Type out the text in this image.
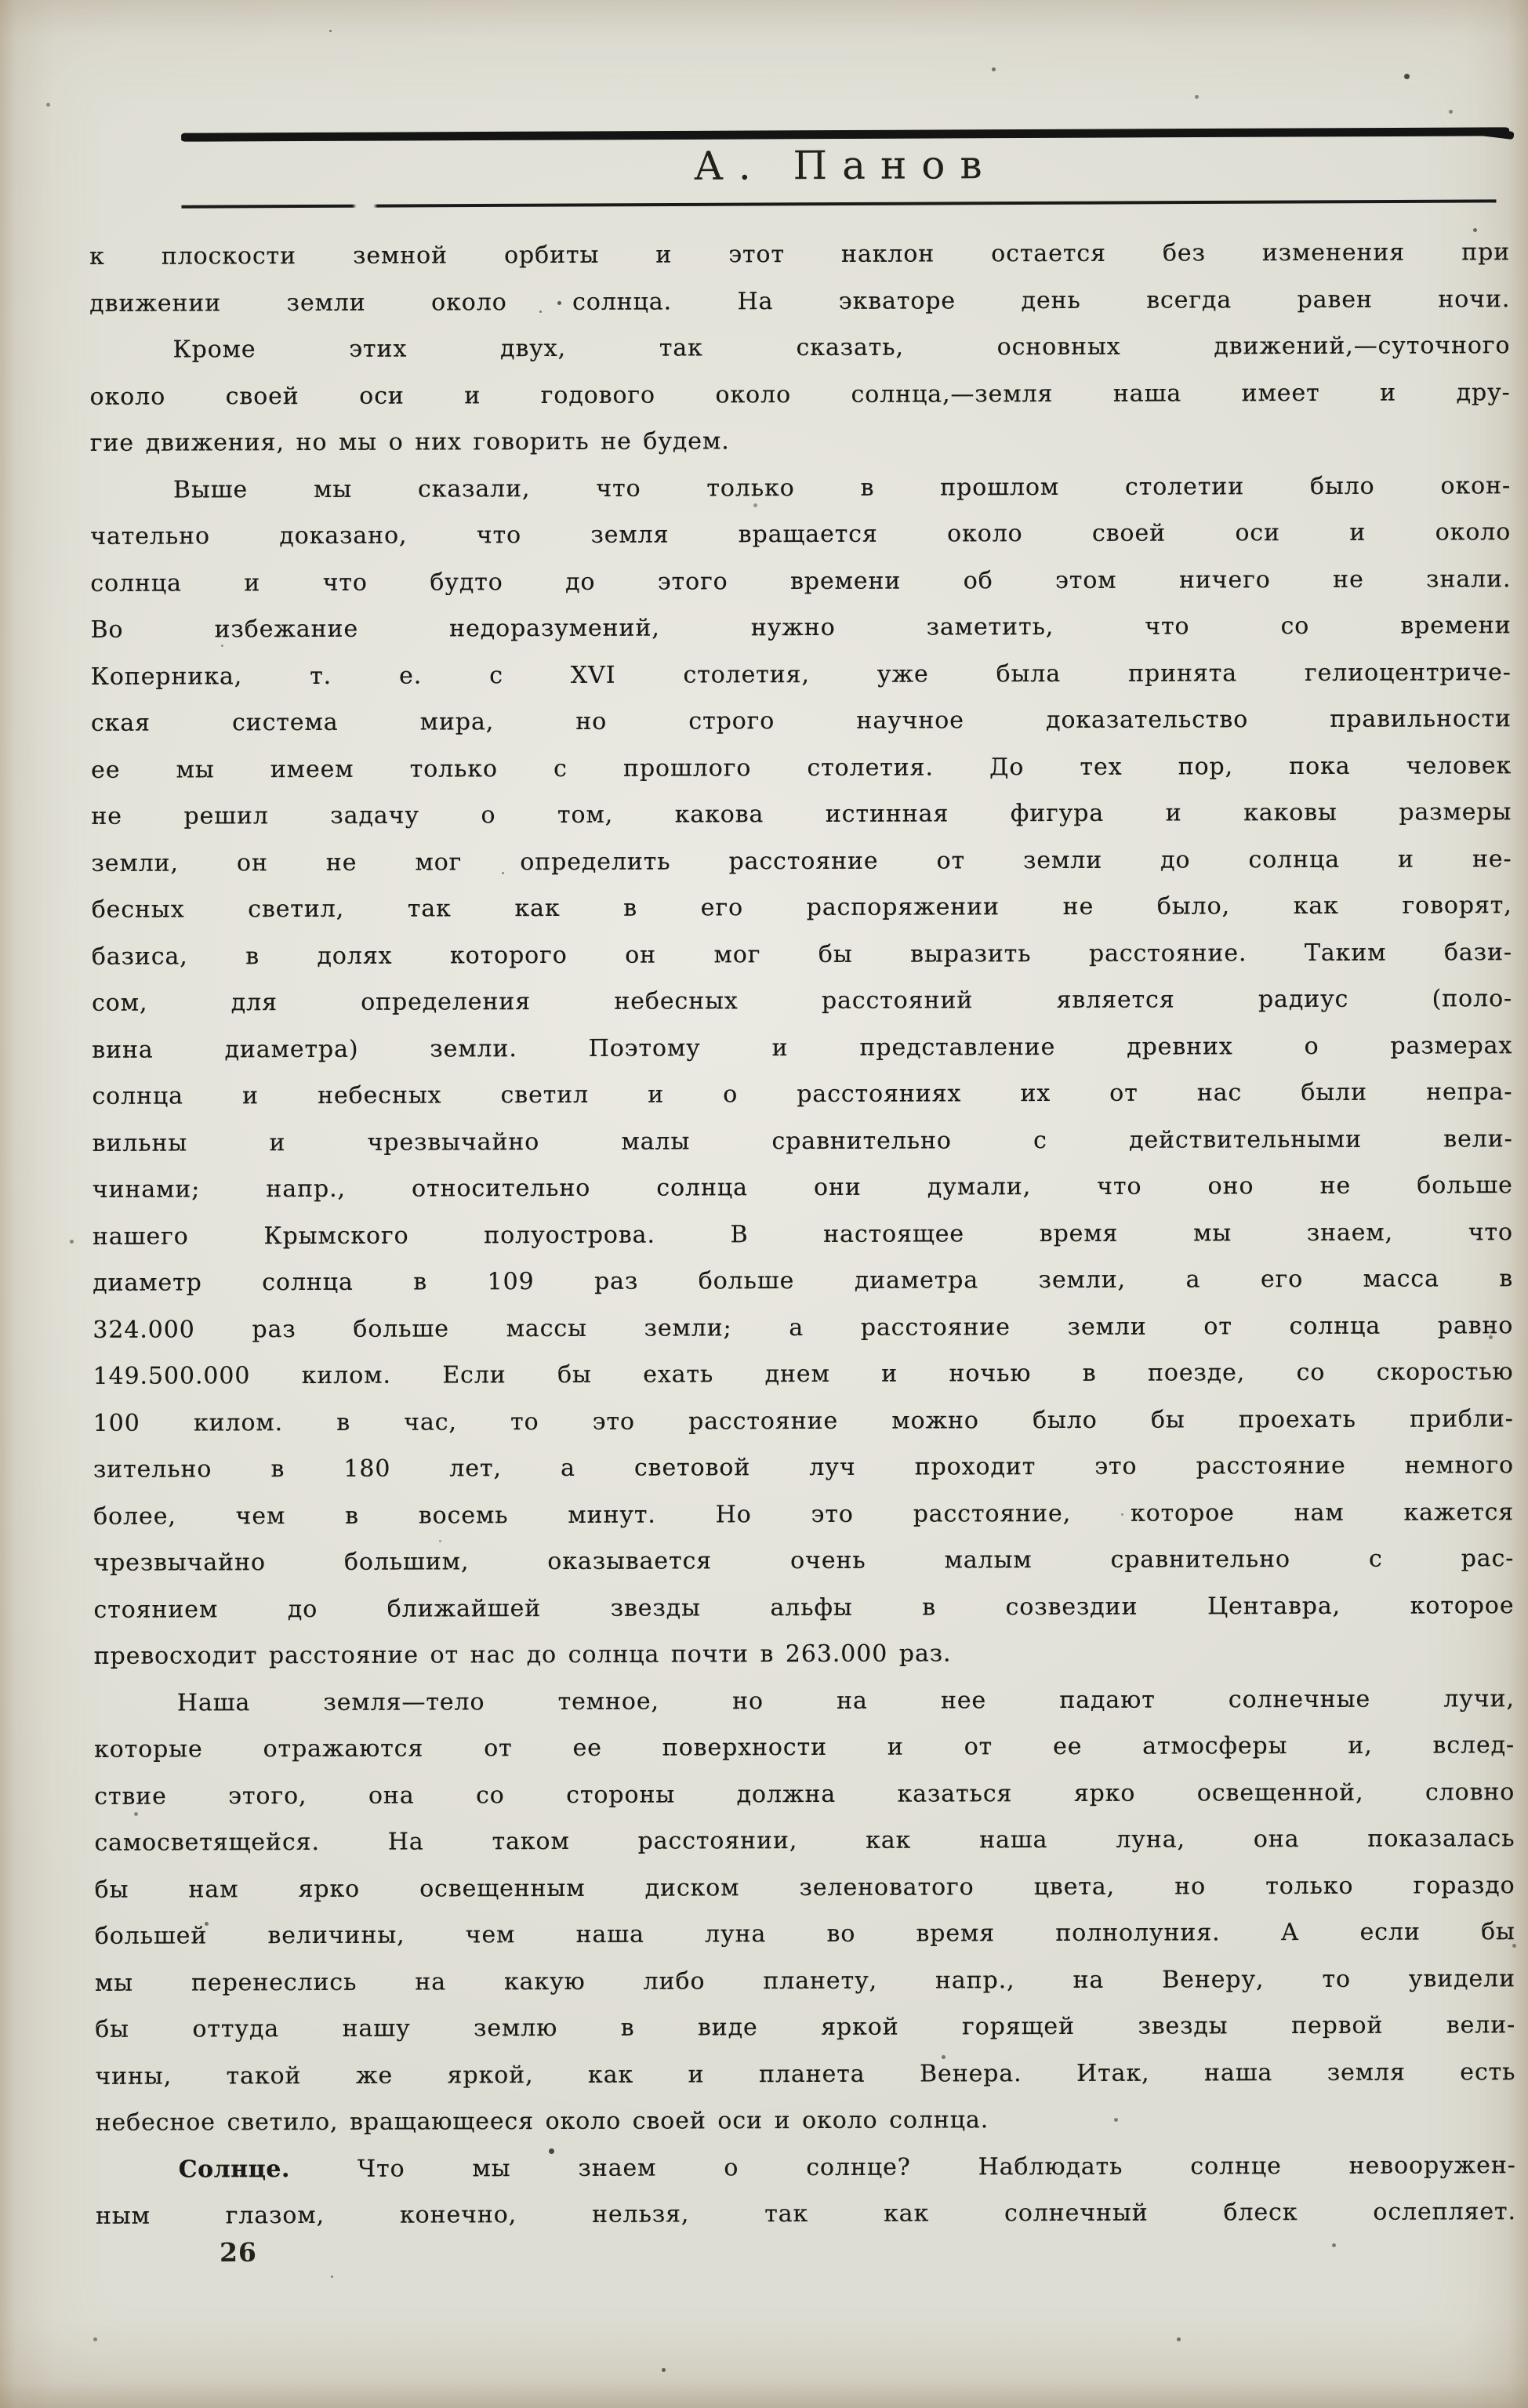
А. Панов
к плоскости земной орбиты и этот наклон остается без изменения при
движении земли около солнца. На экваторе день всегда равен ночи.
Кроме этих двух, так сказать, основных движений,—суточного
около своей оси и годового около солнца,—земля наша имеет и дру-
гие движения, но мы о них говорить не будем.
Выше мы сказали, что только в прошлом столетии было окон-
чательно доказано, что земля вращается около своей оси и около
солнца и что будто до этого времени об этом ничего не знали.
Во избежание недоразумений, нужно заметить, что со времени
Коперника, т. е. с XVI столетия, уже была принята гелиоцентриче-
ская система мира, но строго научное доказательство правильности
ее мы имеем только с прошлого столетия. До тех пор, пока человек
не решил задачу о том, какова истинная фигура и каковы размеры
земли, он не мог определить расстояние от земли до солнца и не-
бесных светил, так как в его распоряжении не было, как говорят,
базиса, в долях которого он мог бы выразить расстояние. Таким бази-
сом, для определения небесных расстояний является радиус (поло-
вина диаметра) земли. Поэтому и представление древних о размерах
солнца и небесных светил и о расстояниях их от нас были непра-
вильны и чрезвычайно малы сравнительно с действительными вели-
чинами; напр., относительно солнца они думали, что оно не больше
нашего Крымского полуострова. В настоящее время мы знаем, что
диаметр солнца в 109 раз больше диаметра земли, а его масса в
324.000 раз больше массы земли; а расстояние земли от солнца равно
149.500.000 килом. Если бы ехать днем и ночью в поезде, со скоростью
100 килом. в час, то это расстояние можно было бы проехать прибли-
зительно в 180 лет, а световой луч проходит это расстояние немного
более, чем в восемь минут. Но это расстояние, которое нам кажется
чрезвычайно большим, оказывается очень малым сравнительно с рас-
стоянием до ближайшей звезды альфы в созвездии Центавра, которое
превосходит расстояние от нас до солнца почти в 263.000 раз.
Наша земля—тело темное, но на нее падают солнечные лучи,
которые отражаются от ее поверхности и от ее атмосферы и, вслед-
ствие этого, она со стороны должна казаться ярко освещенной, словно
самосветящейся. На таком расстоянии, как наша луна, она показалась
бы нам ярко освещенным диском зеленоватого цвета, но только гораздо
большей величины, чем наша луна во время полнолуния. А если бы
мы перенеслись на какую либо планету, напр., на Венеру, то увидели
бы оттуда нашу землю в виде яркой горящей звезды первой вели-
чины, такой же яркой, как и планета Венера. Итак, наша земля есть
небесное светило, вращающееся около своей оси и около солнца.
Солнце. Что мы знаем о солнце? Наблюдать солнце невооружен-
ным глазом, конечно, нельзя, так как солнечный блеск ослепляет.
26
